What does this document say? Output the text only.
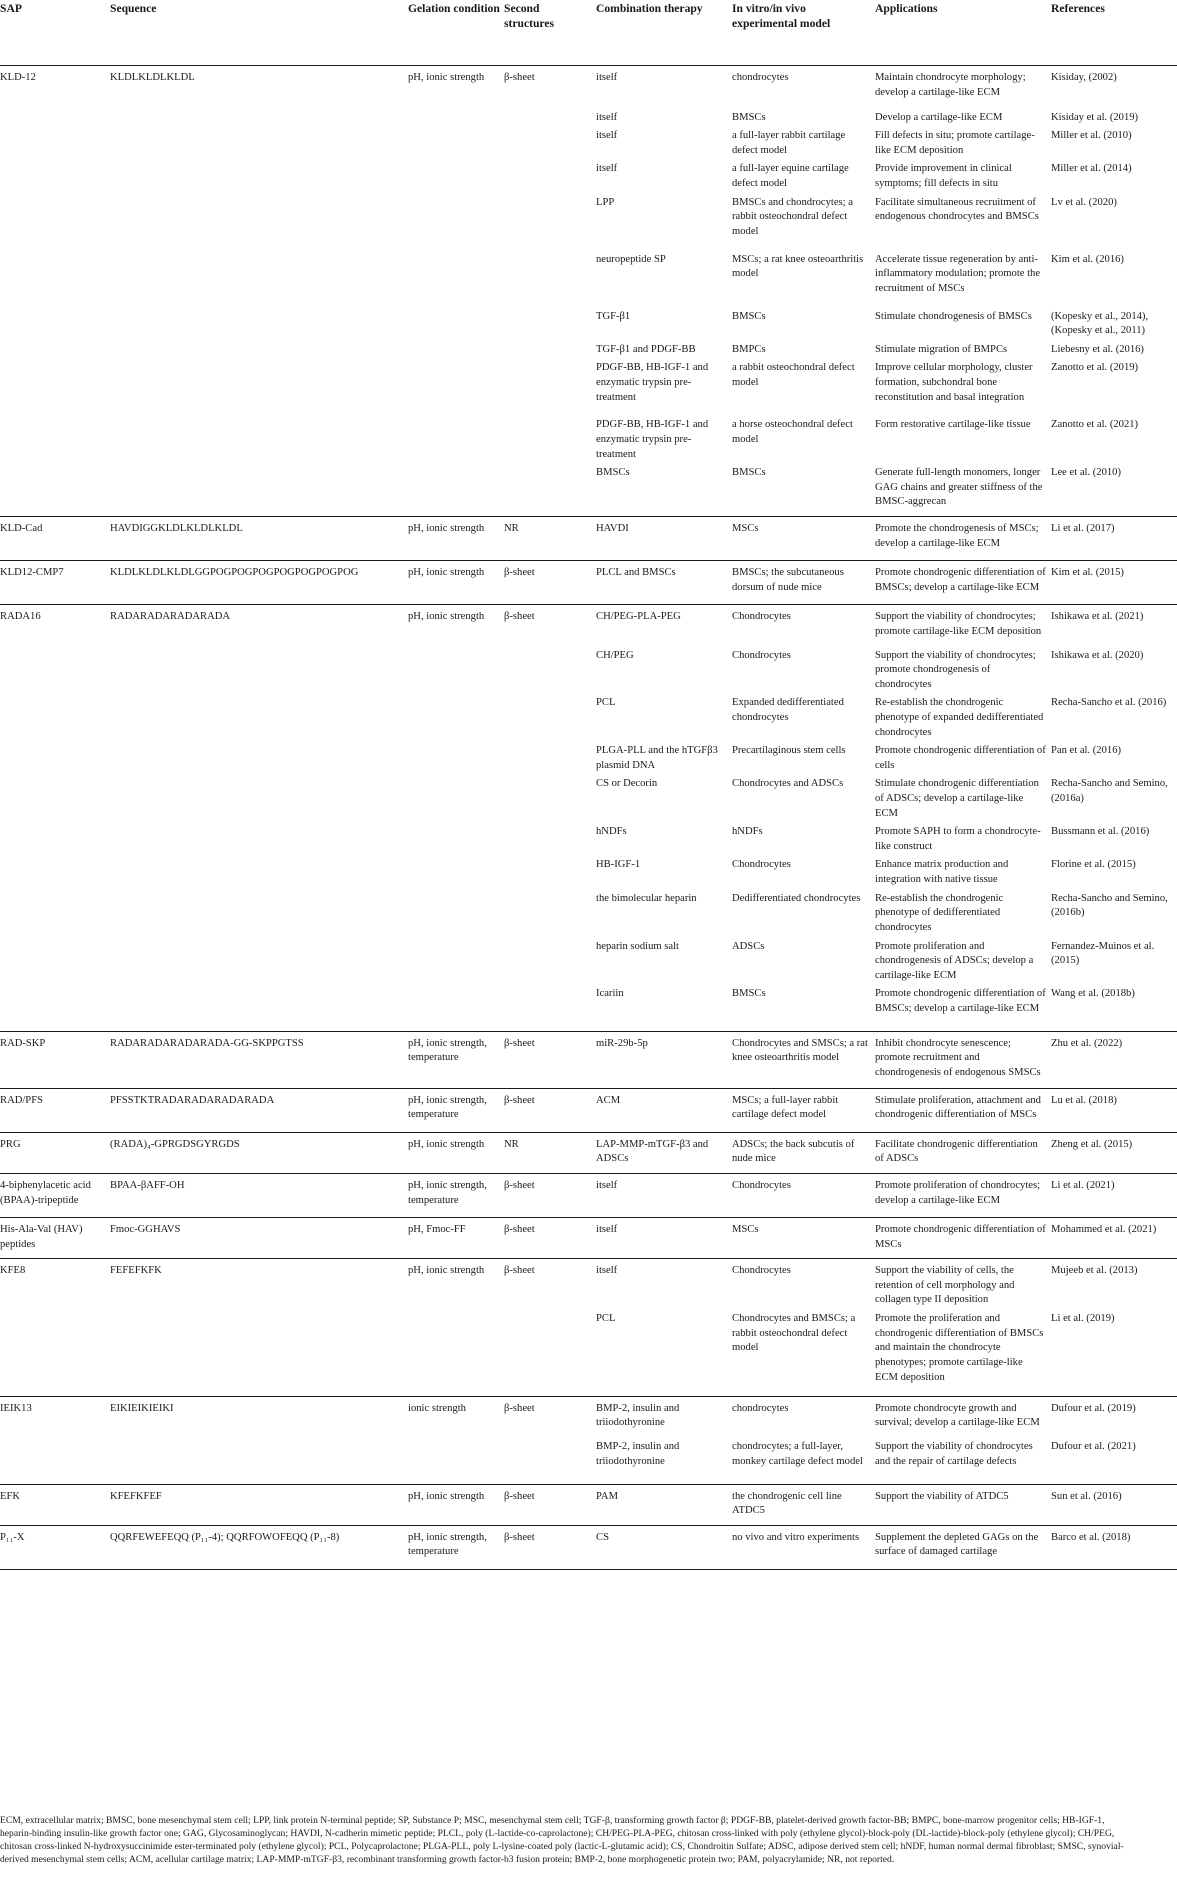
SAP	Sequence	Gelation condition	Second structures	Combination therapy	In vitro/in vivo experimental model	Applications	References
KLD-12	KLDLKLDLKLDL	pH, ionic strength	β-sheet	itself	chondrocytes	Maintain chondrocyte morphology; develop a cartilage-like ECM	Kisiday, (2002)
				itself	BMSCs	Develop a cartilage-like ECM	Kisiday et al. (2019)
				itself	a full-layer rabbit cartilage defect model	Fill defects in situ; promote cartilage-like ECM deposition	Miller et al. (2010)
				itself	a full-layer equine cartilage defect model	Provide improvement in clinical symptoms; fill defects in situ	Miller et al. (2014)
				LPP	BMSCs and chondrocytes; a rabbit osteochondral defect model	Facilitate simultaneous recruitment of endogenous chondrocytes and BMSCs	Lv et al. (2020)
				neuropeptide SP	MSCs; a rat knee osteoarthritis model	Accelerate tissue regeneration by anti-inflammatory modulation; promote the recruitment of MSCs	Kim et al. (2016)
				TGF-β1	BMSCs	Stimulate chondrogenesis of BMSCs	(Kopesky et al., 2014), (Kopesky et al., 2011)
				TGF-β1 and PDGF-BB	BMPCs	Stimulate migration of BMPCs	Liebesny et al. (2016)
				PDGF-BB, HB-IGF-1 and enzymatic trypsin pre-treatment	a rabbit osteochondral defect model	Improve cellular morphology, cluster formation, subchondral bone reconstitution and basal integration	Zanotto et al. (2019)
				PDGF-BB, HB-IGF-1 and enzymatic trypsin pre-treatment	a horse osteochondral defect model	Form restorative cartilage-like tissue	Zanotto et al. (2021)
				BMSCs	BMSCs	Generate full-length monomers, longer GAG chains and greater stiffness of the BMSC-aggrecan	Lee et al. (2010)
KLD-Cad	HAVDIGGKLDLKLDLKLDL	pH, ionic strength	NR	HAVDI	MSCs	Promote the chondrogenesis of MSCs; develop a cartilage-like ECM	Li et al. (2017)
KLD12-CMP7	KLDLKLDLKLDLGGPOGPOGPOGPOGPOGPOGPOG	pH, ionic strength	β-sheet	PLCL and BMSCs	BMSCs; the subcutaneous dorsum of nude mice	Promote chondrogenic differentiation of BMSCs; develop a cartilage-like ECM	Kim et al. (2015)
RADA16	RADARADARADARADA	pH, ionic strength	β-sheet	CH/PEG-PLA-PEG	Chondrocytes	Support the viability of chondrocytes; promote cartilage-like ECM deposition	Ishikawa et al. (2021)
				CH/PEG	Chondrocytes	Support the viability of chondrocytes; promote chondrogenesis of chondrocytes	Ishikawa et al. (2020)
				PCL	Expanded dedifferentiated chondrocytes	Re-establish the chondrogenic phenotype of expanded dedifferentiated chondrocytes	Recha-Sancho et al. (2016)
				PLGA-PLL and the hTGFβ3 plasmid DNA	Precartilaginous stem cells	Promote chondrogenic differentiation of cells	Pan et al. (2016)
				CS or Decorin	Chondrocytes and ADSCs	Stimulate chondrogenic differentiation of ADSCs; develop a cartilage-like ECM	Recha-Sancho and Semino, (2016a)
				hNDFs	hNDFs	Promote SAPH to form a chondrocyte-like construct	Bussmann et al. (2016)
				HB-IGF-1	Chondrocytes	Enhance matrix production and integration with native tissue	Florine et al. (2015)
				the bimolecular heparin	Dedifferentiated chondrocytes	Re-establish the chondrogenic phenotype of dedifferentiated chondrocytes	Recha-Sancho and Semino, (2016b)
				heparin sodium salt	ADSCs	Promote proliferation and chondrogenesis of ADSCs; develop a cartilage-like ECM	Fernandez-Muinos et al. (2015)
				Icariin	BMSCs	Promote chondrogenic differentiation of BMSCs; develop a cartilage-like ECM	Wang et al. (2018b)
RAD-SKP	RADARADARADARADA-GG-SKPPGTSS	pH, ionic strength, temperature	β-sheet	miR-29b-5p	Chondrocytes and SMSCs; a rat knee osteoarthritis model	Inhibit chondrocyte senescence; promote recruitment and chondrogenesis of endogenous SMSCs	Zhu et al. (2022)
RAD/PFS	PFSSTKTRADARADARADARADA	pH, ionic strength, temperature	β-sheet	ACM	MSCs; a full-layer rabbit cartilage defect model	Stimulate proliferation, attachment and chondrogenic differentiation of MSCs	Lu et al. (2018)
PRG	(RADA)₄-GPRGDSGYRGDS	pH, ionic strength	NR	LAP-MMP-mTGF-β3 and ADSCs	ADSCs; the back subcutis of nude mice	Facilitate chondrogenic differentiation of ADSCs	Zheng et al. (2015)
4-biphenylacetic acid (BPAA)-tripeptide	BPAA-βAFF-OH	pH, ionic strength, temperature	β-sheet	itself	Chondrocytes	Promote proliferation of chondrocytes; develop a cartilage-like ECM	Li et al. (2021)
His-Ala-Val (HAV) peptides	Fmoc-GGHAVS	pH, Fmoc-FF	β-sheet	itself	MSCs	Promote chondrogenic differentiation of MSCs	Mohammed et al. (2021)
KFE8	FEFEFKFK	pH, ionic strength	β-sheet	itself	Chondrocytes	Support the viability of cells, the retention of cell morphology and collagen type II deposition	Mujeeb et al. (2013)
				PCL	Chondrocytes and BMSCs; a rabbit osteochondral defect model	Promote the proliferation and chondrogenic differentiation of BMSCs and maintain the chondrocyte phenotypes; promote cartilage-like ECM deposition	Li et al. (2019)
IEIK13	EIKIEIKIEIKI	ionic strength	β-sheet	BMP-2, insulin and triiodothyronine	chondrocytes	Promote chondrocyte growth and survival; develop a cartilage-like ECM	Dufour et al. (2019)
				BMP-2, insulin and triiodothyronine	chondrocytes; a full-layer, monkey cartilage defect model	Support the viability of chondrocytes and the repair of cartilage defects	Dufour et al. (2021)
EFK	KFEFKFEF	pH, ionic strength	β-sheet	PAM	the chondrogenic cell line ATDC5	Support the viability of ATDC5	Sun et al. (2016)
P₁₁-X	QQRFEWEFEQQ (P₁₁-4); QQRFOWOFEQQ (P₁₁-8)	pH, ionic strength, temperature	β-sheet	CS	no vivo and vitro experiments	Supplement the depleted GAGs on the surface of damaged cartilage	Barco et al. (2018)
ECM, extracellular matrix; BMSC, bone mesenchymal stem cell; LPP, link protein N-terminal peptide; SP, Substance P; MSC, mesenchymal stem cell; TGF-β, transforming growth factor β; PDGF-BB, platelet-derived growth factor-BB; BMPC, bone-marrow progenitor cells; HB-IGF-1, heparin-binding insulin-like growth factor one; GAG, Glycosaminoglycan; HAVDI, N-cadherin mimetic peptide; PLCL, poly (L-lactide-co-caprolactone); CH/PEG-PLA-PEG, chitosan cross-linked with poly (ethylene glycol)-block-poly (DL-lactide)-block-poly (ethylene glycol); CH/PEG, chitosan cross-linked N-hydroxysuccinimide ester-terminated poly (ethylene glycol); PCL, Polycaprolactone; PLGA-PLL, poly L-lysine-coated poly (lactic-L-glutamic acid); CS, Chondroitin Sulfate; ADSC, adipose derived stem cell; hNDF, human normal dermal fibroblast; SMSC, synovial-derived mesenchymal stem cells; ACM, acellular cartilage matrix; LAP-MMP-mTGF-β3, recombinant transforming growth factor-b3 fusion protein; BMP-2, bone morphogenetic protein two; PAM, polyacrylamide; NR, not reported.
